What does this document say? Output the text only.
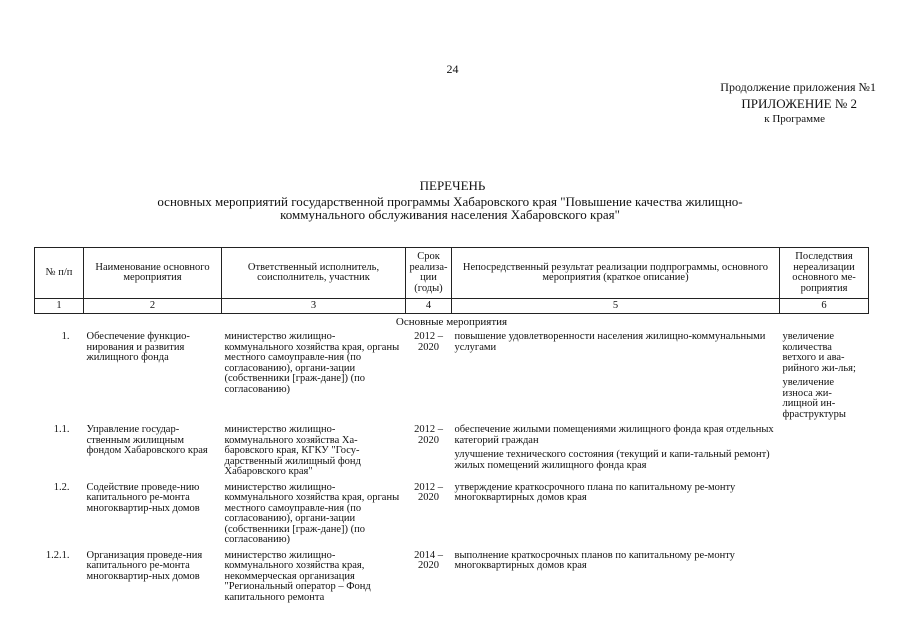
24
Продолжение приложения №1
ПРИЛОЖЕНИЕ № 2
к Программе
ПЕРЕЧЕНЬ
основных мероприятий государственной программы Хабаровского края "Повышение качества жилищно-коммунального обслуживания населения Хабаровского края"
№ п/п	Наименование основного мероприятия	Ответственный исполнитель, соисполнитель, участник	Срок реализа-ции (годы)	Непосредственный результат реализации подпрограммы, основного мероприятия (краткое описание)	Последствия нереализации основного ме-роприятия
1	2	3	4	5	6
Основные мероприятия					
1.	Обеспечение функцио-нирования и развития жилищного фонда	министерство жилищно-коммунального хозяйства края, органы местного самоуправле-ния (по согласованию), органи-зации (собственники [граж-дане]) (по согласованию)	2012 – 2020	повышение удовлетворенности населения жилищно-коммунальными услугами	увеличение количества ветхого и ава-рийного жи-лья;
увеличение износа жи-лищной ин-фраструктуры

1.1.	Управление государ-ственным жилищным фондом Хабаровского края	министерство жилищно-коммунального хозяйства Ха-баровского края, КГКУ "Госу-дарственный жилищный фонд Хабаровского края"	2012 – 2020	обеспечение жилыми помещениями жилищного фонда края отдельных категорий граждан
улучшение технического состояния (текущий и капи-тальный ремонт) жилых помещений жилищного фонда края	

1.2.	Содействие проведе-нию капитального ре-монта многоквартир-ных домов	министерство жилищно-коммунального хозяйства края, органы местного самоуправле-ния (по согласованию), органи-зации (собственники [граж-дане]) (по согласованию)	2012 – 2020	утверждение краткосрочного плана по капитальному ре-монту многоквартирных домов края	
1.2.1.	Организация проведе-ния капитального ре-монта многоквартир-ных домов	министерство жилищно-коммунального хозяйства края, некоммерческая организация "Региональный оператор – Фонд капитального ремонта	2014 – 2020	выполнение краткосрочных планов по капитальному ре-монту многоквартирных домов края	
